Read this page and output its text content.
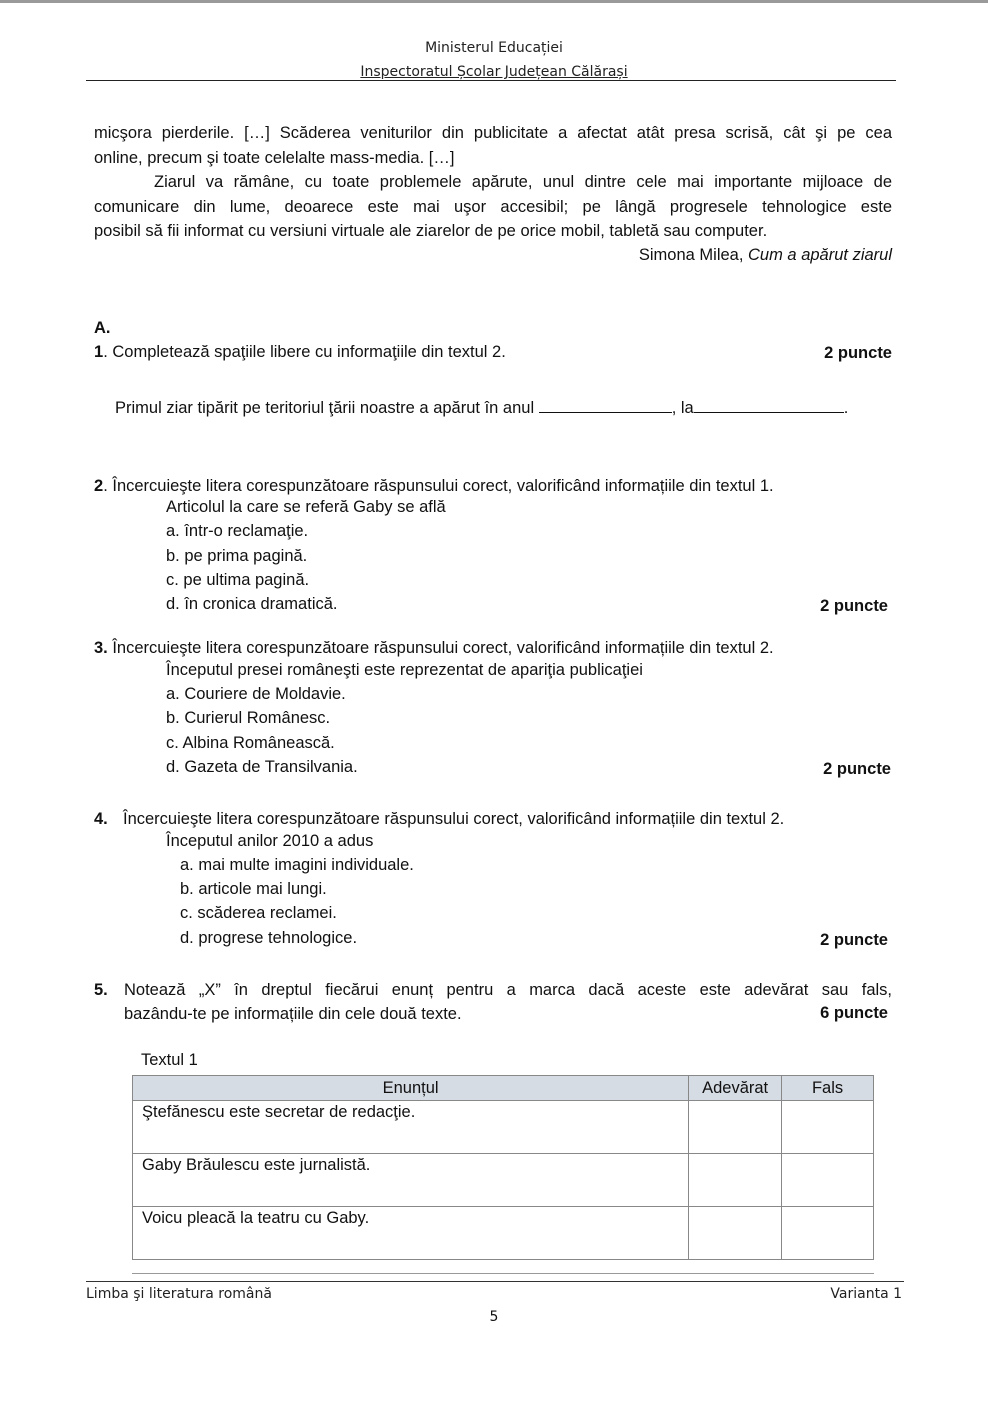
Ministerul Educației
Inspectoratul Școlar Județean Călărași
micşora pierderile. […] Scăderea veniturilor din publicitate a afectat atât presa scrisă, cât şi pe cea
online, precum şi toate celelalte mass-media. […]
Ziarul va rămâne, cu toate problemele apărute, unul dintre cele mai importante mijloace de
comunicare din lume, deoarece este mai uşor accesibil; pe lângă progresele tehnologice este
posibil să fii informat cu versiuni virtuale ale ziarelor de pe orice mobil, tabletă sau computer.
Simona Milea, Cum a apărut ziarul
A.
1. Completează spaţiile libere cu informaţiile din textul 2.	2 puncte
Primul ziar tipărit pe teritoriul ţării noastre a apărut în anul	, la	.
2. Încercuieşte litera corespunzătoare răspunsului corect, valorificând informațiile din textul 1.
Articolul la care se referă Gaby se află
a. într-o reclamaţie.
b. pe prima pagină.
c. pe ultima pagină.
d. în cronica dramatică.	2 puncte
3. Încercuieşte litera corespunzătoare răspunsului corect, valorificând informațiile din textul 2.
Începutul presei româneşti este reprezentat de apariţia publicaţiei
a. Couriere de Moldavie.
b. Curierul Românesc.
c. Albina Românească.
d. Gazeta de Transilvania.	2 puncte
4. Încercuieşte litera corespunzătoare răspunsului corect, valorificând informațiile din textul 2.
Începutul anilor 2010 a adus
a. mai multe imagini individuale.
b. articole mai lungi.
c. scăderea reclamei.
d. progrese tehnologice.	2 puncte
5. Notează „X” în dreptul fiecărui enunț pentru a marca dacă aceste este adevărat sau fals,
bazându-te pe informațiile din cele două texte.	6 puncte
Textul 1
Enunțul	Adevărat	Fals
Ştefănescu este secretar de redacţie.		
Gaby Brăulescu este jurnalistă.		
Voicu pleacă la teatru cu Gaby.		
Limba şi literatura română	Varianta 1
5
